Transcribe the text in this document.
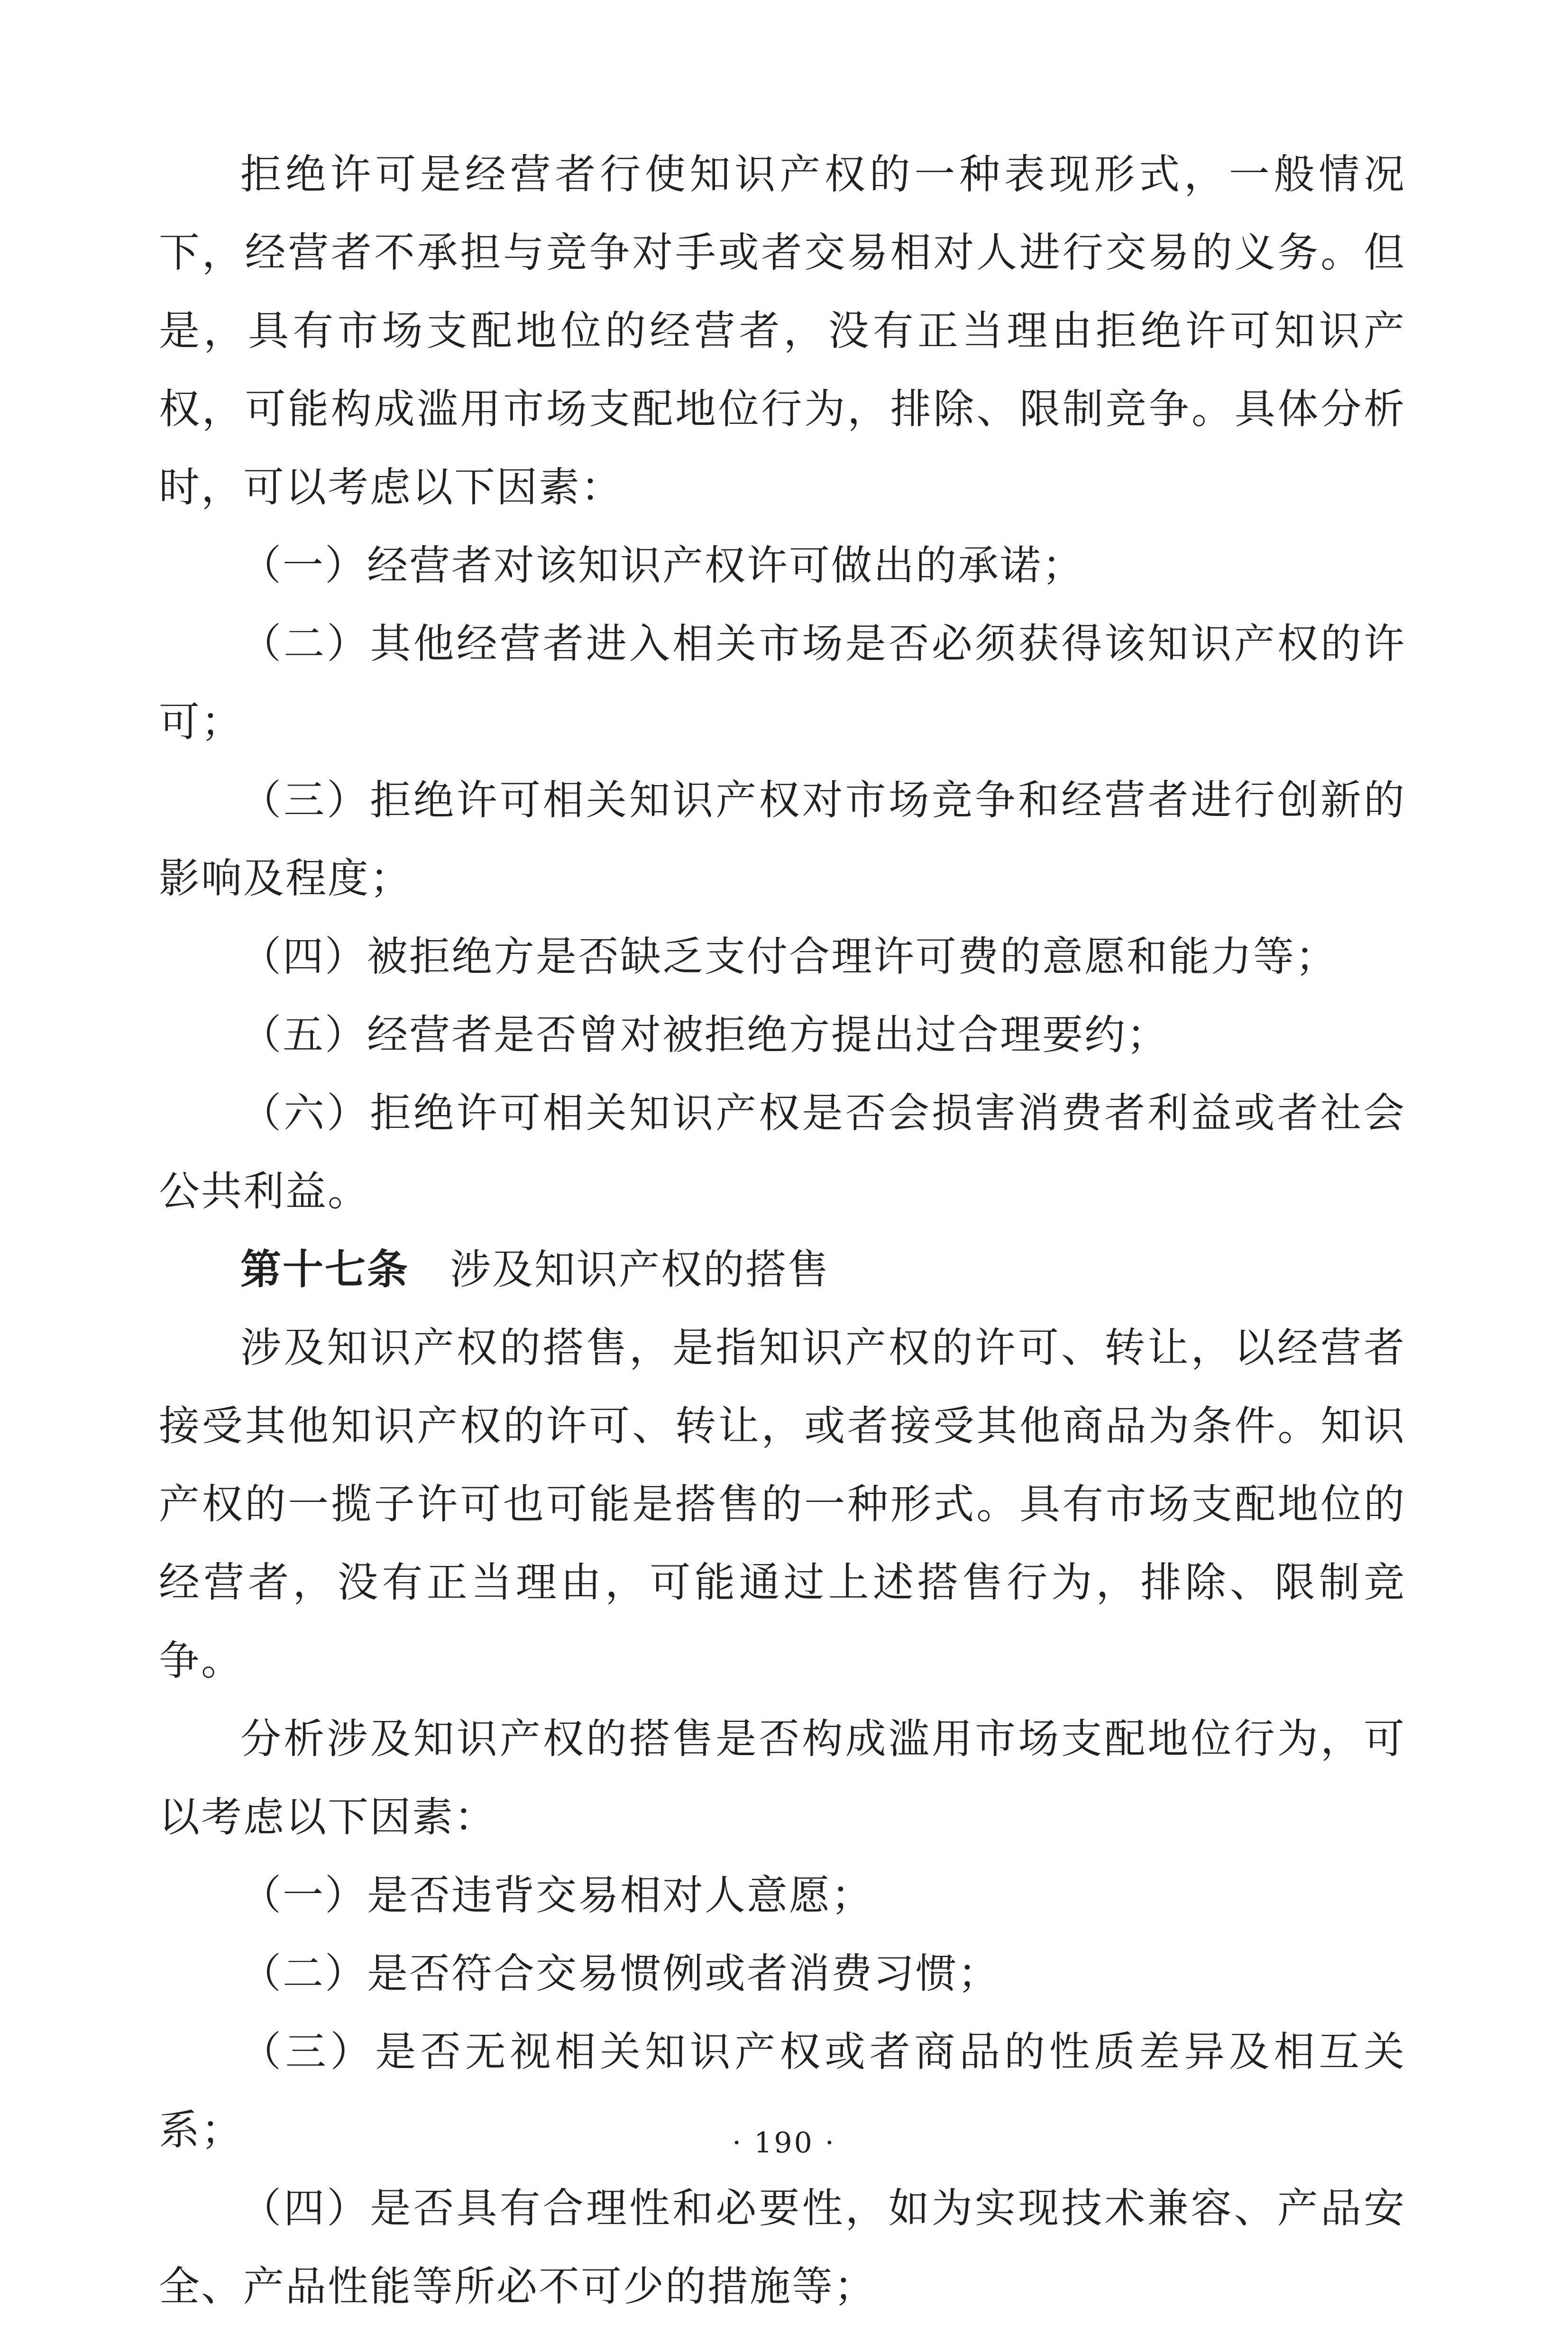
拒绝许可是经营者行使知识产权的一种表现形式，一般情况下，经营者不承担与竞争对手或者交易相对人进行交易的义务。但是，具有市场支配地位的经营者，没有正当理由拒绝许可知识产权，可能构成滥用市场支配地位行为，排除、限制竞争。具体分析时，可以考虑以下因素：

（一）经营者对该知识产权许可做出的承诺；

（二）其他经营者进入相关市场是否必须获得该知识产权的许可；

（三）拒绝许可相关知识产权对市场竞争和经营者进行创新的影响及程度；

（四）被拒绝方是否缺乏支付合理许可费的意愿和能力等；

（五）经营者是否曾对被拒绝方提出过合理要约；

（六）拒绝许可相关知识产权是否会损害消费者利益或者社会公共利益。

第十七条 涉及知识产权的搭售

涉及知识产权的搭售，是指知识产权的许可、转让，以经营者接受其他知识产权的许可、转让，或者接受其他商品为条件。知识产权的一揽子许可也可能是搭售的一种形式。具有市场支配地位的经营者，没有正当理由，可能通过上述搭售行为，排除、限制竞争。

分析涉及知识产权的搭售是否构成滥用市场支配地位行为，可以考虑以下因素：

（一）是否违背交易相对人意愿；

（二）是否符合交易惯例或者消费习惯；

（三）是否无视相关知识产权或者商品的性质差异及相互关系；

（四）是否具有合理性和必要性，如为实现技术兼容、产品安全、产品性能等所必不可少的措施等；

· 190 ·
